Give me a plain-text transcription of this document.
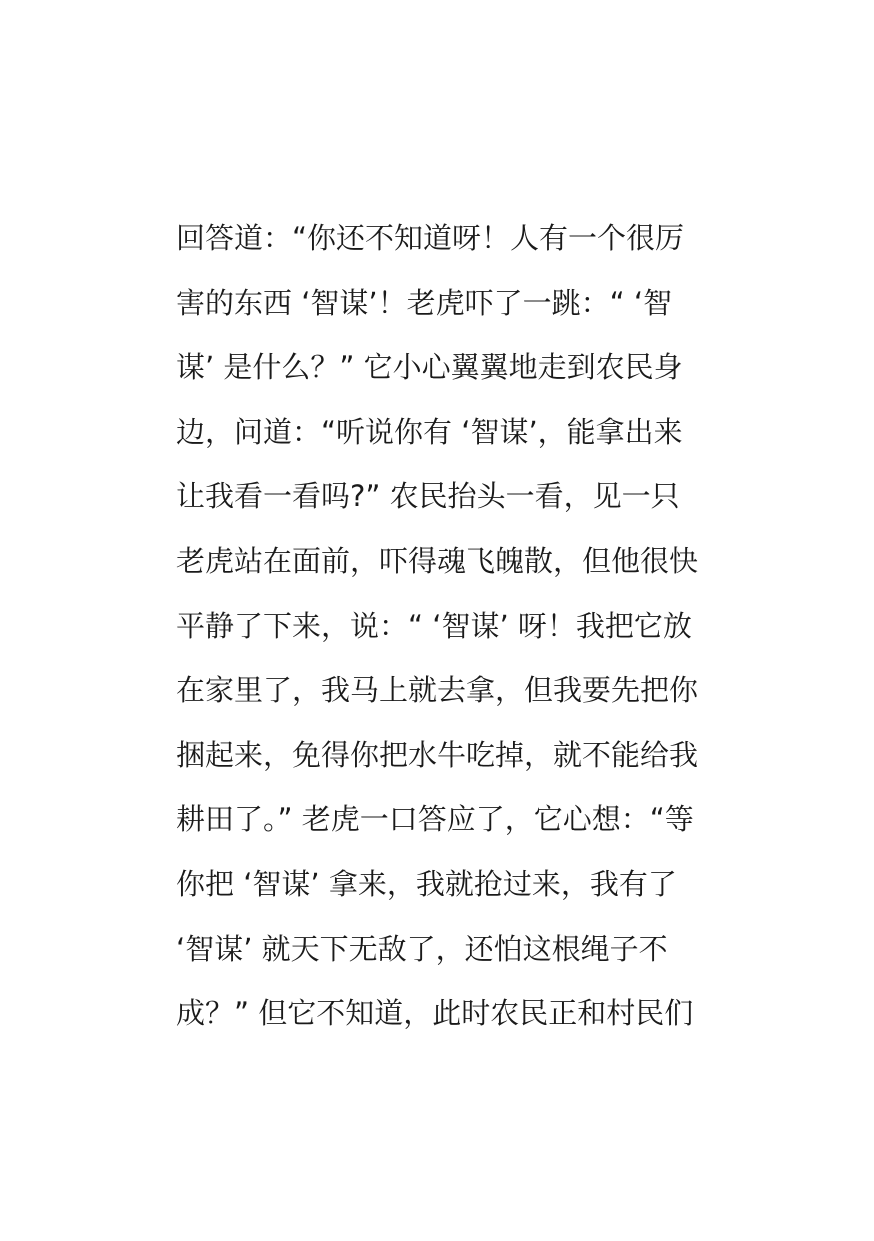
回答道：“你还不知道呀！人有一个很厉
害的东西 ‘智谋’！老虎吓了一跳：“ ‘智
谋’ 是什么？” 它小心翼翼地走到农民身
边，问道：“听说你有 ‘智谋’，能拿出来
让我看一看吗?” 农民抬头一看，见一只
老虎站在面前，吓得魂飞魄散，但他很快
平静了下来，说：“ ‘智谋’ 呀！我把它放
在家里了，我马上就去拿，但我要先把你
捆起来，免得你把水牛吃掉，就不能给我
耕田了。” 老虎一口答应了，它心想：“等
你把 ‘智谋’ 拿来，我就抢过来，我有了
‘智谋’ 就天下无敌了，还怕这根绳子不
成？” 但它不知道，此时农民正和村民们
